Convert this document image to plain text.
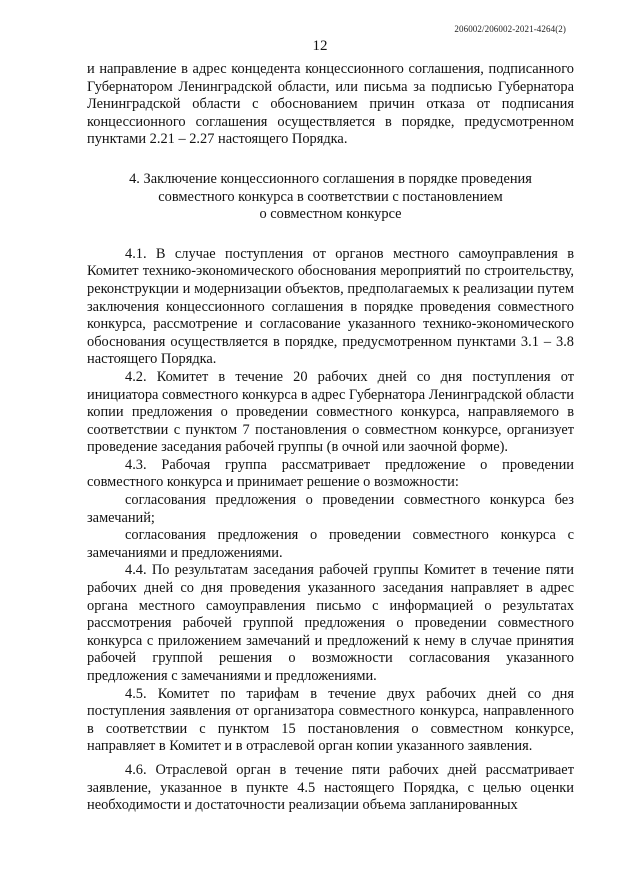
206002/206002-2021-4264(2)
12

и направление в адрес концедента концессионного соглашения, подписанного Губернатором Ленинградской области, или письма за подписью Губернатора Ленинградской области с обоснованием причин отказа от подписания концессионного соглашения осуществляется в порядке, предусмотренном пунктами 2.21 – 2.27 настоящего Порядка.

4. Заключение концессионного соглашения в порядке проведения
совместного конкурса в соответствии с постановлением
о совместном конкурсе

4.1. В случае поступления от органов местного самоуправления в Комитет технико-экономического обоснования мероприятий по строительству, реконструкции и модернизации объектов, предполагаемых к реализации путем заключения концессионного соглашения в порядке проведения совместного конкурса, рассмотрение и согласование указанного технико-экономического обоснования осуществляется в порядке, предусмотренном пунктами 3.1 – 3.8 настоящего Порядка.

4.2. Комитет в течение 20 рабочих дней со дня поступления от инициатора совместного конкурса в адрес Губернатора Ленинградской области копии предложения о проведении совместного конкурса, направляемого в соответствии с пунктом 7 постановления о совместном конкурсе, организует проведение заседания рабочей группы (в очной или заочной форме).

4.3. Рабочая группа рассматривает предложение о проведении совместного конкурса и принимает решение о возможности:

согласования предложения о проведении совместного конкурса без замечаний;

согласования предложения о проведении совместного конкурса с замечаниями и предложениями.

4.4. По результатам заседания рабочей группы Комитет в течение пяти рабочих дней со дня проведения указанного заседания направляет в адрес органа местного самоуправления письмо с информацией о результатах рассмотрения рабочей группой предложения о проведении совместного конкурса с приложением замечаний и предложений к нему в случае принятия рабочей группой решения о возможности согласования указанного предложения с замечаниями и предложениями.

4.5. Комитет по тарифам в течение двух рабочих дней со дня поступления заявления от организатора совместного конкурса, направленного в соответствии с пунктом 15 постановления о совместном конкурсе, направляет в Комитет и в отраслевой орган копии указанного заявления.

4.6. Отраслевой орган в течение пяти рабочих дней рассматривает заявление, указанное в пункте 4.5 настоящего Порядка, с целью оценки необходимости и достаточности реализации объема запланированных
